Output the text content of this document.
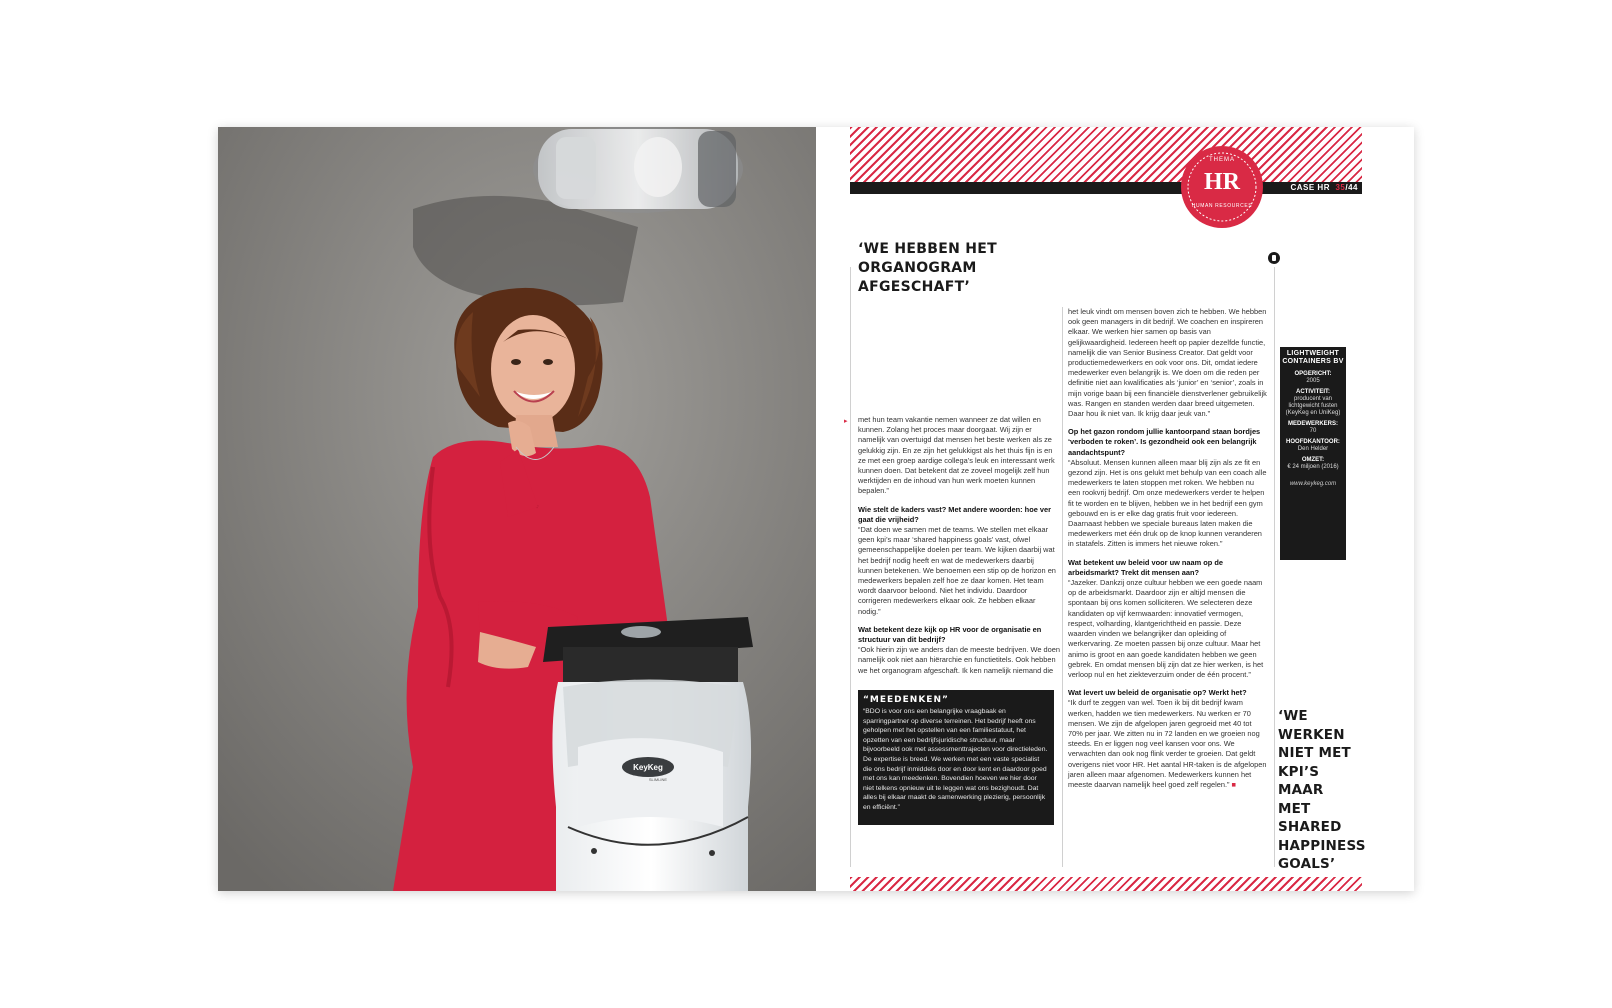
KeyKeg
SLIMLINE
CASE HR 35/44
THEMA
HR
HUMAN RESOURCES
‘WE HEBBEN HET ORGANOGRAM AFGESCHAFT’
▸ met hun team vakantie nemen wanneer ze dat willen en kunnen. Zolang het proces maar doorgaat. Wij zijn er namelijk van overtuigd dat mensen het beste werken als ze gelukkig zijn. En ze zijn het gelukkigst als het thuis fijn is en ze met een groep aardige collega’s leuk en interessant werk kunnen doen. Dat betekent dat ze zoveel mogelijk zelf hun werktijden en de inhoud van hun werk moeten kunnen bepalen.”

Wie stelt de kaders vast? Met andere woorden: hoe ver gaat die vrijheid?

“Dat doen we samen met de teams. We stellen met elkaar geen kpi’s maar ‘shared happiness goals’ vast, ofwel gemeenschappelijke doelen per team. We kijken daarbij wat het bedrijf nodig heeft en wat de medewerkers daarbij kunnen betekenen. We benoemen een stip op de horizon en medewerkers bepalen zelf hoe ze daar komen. Het team wordt daarvoor beloond. Niet het individu. Daardoor corrigeren medewerkers elkaar ook. Ze hebben elkaar nodig.”

Wat betekent deze kijk op HR voor de organisatie en structuur van dit bedrijf?

“Ook hierin zijn we anders dan de meeste bedrijven. We doen namelijk ook niet aan hiërarchie en functietitels. Ook hebben we het organogram afgeschaft. Ik ken namelijk niemand die

het leuk vindt om mensen boven zich te hebben. We hebben ook geen managers in dit bedrijf. We coachen en inspireren elkaar. We werken hier samen op basis van gelijkwaardigheid. Iedereen heeft op papier dezelfde functie, namelijk die van Senior Business Creator. Dat geldt voor productiemedewerkers en ook voor ons. Dit, omdat iedere medewerker even belangrijk is. We doen om die reden per definitie niet aan kwalificaties als ‘junior’ en ‘senior’, zoals in mijn vorige baan bij een financiële dienstverlener gebruikelijk was. Rangen en standen werden daar breed uitgemeten. Daar hou ik niet van. Ik krijg daar jeuk van.”

Op het gazon rondom jullie kantoorpand staan bordjes ‘verboden te roken’. Is gezondheid ook een belangrijk aandachtspunt?

“Absoluut. Mensen kunnen alleen maar blij zijn als ze fit en gezond zijn. Het is ons gelukt met behulp van een coach alle medewerkers te laten stoppen met roken. We hebben nu een rookvrij bedrijf. Om onze medewerkers verder te helpen fit te worden en te blijven, hebben we in het bedrijf een gym gebouwd en is er elke dag gratis fruit voor iedereen. Daarnaast hebben we speciale bureaus laten maken die medewerkers met één druk op de knop kunnen veranderen in statafels. Zitten is immers het nieuwe roken.”

Wat betekent uw beleid voor uw naam op de arbeidsmarkt? Trekt dit mensen aan?

“Jazeker. Dankzij onze cultuur hebben we een goede naam op de arbeidsmarkt. Daardoor zijn er altijd mensen die spontaan bij ons komen solliciteren. We selecteren deze kandidaten op vijf kernwaarden: innovatief vermogen, respect, volharding, klantgerichtheid en passie. Deze waarden vinden we belangrijker dan opleiding of werkervaring. Ze moeten passen bij onze cultuur. Maar het animo is groot en aan goede kandidaten hebben we geen gebrek. En omdat mensen blij zijn dat ze hier werken, is het verloop nul en het ziekteverzuim onder de één procent.”

Wat levert uw beleid de organisatie op? Werkt het?

“Ik durf te zeggen van wel. Toen ik bij dit bedrijf kwam werken, hadden we tien medewerkers. Nu werken er 70 mensen. We zijn de afgelopen jaren gegroeid met 40 tot 70% per jaar. We zitten nu in 72 landen en we groeien nog steeds. En er liggen nog veel kansen voor ons. We verwachten dan ook nog flink verder te groeien. Dat geldt overigens niet voor HR. Het aantal HR-taken is de afgelopen jaren alleen maar afgenomen. Medewerkers kunnen het meeste daarvan namelijk heel goed zelf regelen.” ■

“MEEDENKEN”
“BDO is voor ons een belangrijke vraagbaak en sparringpartner op diverse terreinen. Het bedrijf heeft ons geholpen met het opstellen van een familiestatuut, het opzetten van een bedrijfsjuridische structuur, maar bijvoorbeeld ook met assessmenttrajecten voor directieleden. De expertise is breed. We werken met een vaste specialist die ons bedrijf inmiddels door en door kent en daardoor goed met ons kan meedenken. Bovendien hoeven we hier door niet telkens opnieuw uit te leggen wat ons bezighoudt. Dat alles bij elkaar maakt de samenwerking plezierig, persoonlijk en efficiënt.”
LIGHTWEIGHT CONTAINERS BV
OPGERICHT:
2005
ACTIVITEIT:
producent van lichtgewicht fusten (KeyKeg en UniKeg)
MEDEWERKERS:
70
HOOFDKANTOOR:
Den Helder
OMZET:
€ 24 miljoen (2016)
www.keykeg.com
‘WE WERKEN NIET MET KPI’S MAAR MET SHARED HAPPINESS GOALS’
